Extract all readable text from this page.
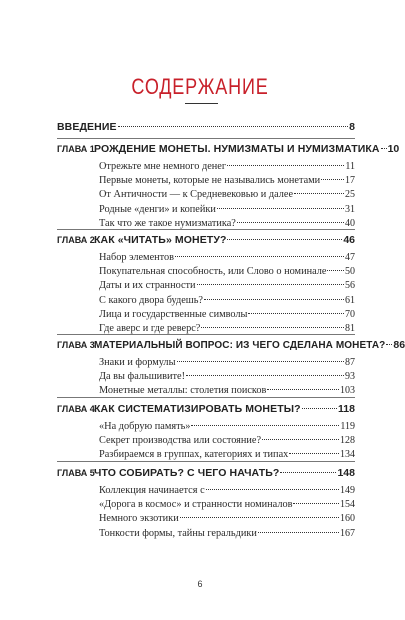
СОДЕРЖАНИЕ
ВВЕДЕНИЕ	8
ГЛАВА 1 РОЖДЕНИЕ МОНЕТЫ. НУМИЗМАТЫ И НУМИЗМАТИКА 10
Отрежьте мне немного денег	11
Первые монеты, которые не назывались монетами 17
От Античности — к Средневековью и далее	25
Родные «денги» и копейки	31
Так что же такое нумизматика?	40
ГЛАВА 2 КАК «ЧИТАТЬ» МОНЕТУ?	46
Набор элементов	47
Покупательная способность, или Слово о номинале 50
Даты и их странности	56
С какого двора будешь?	61
Лица и государственные символы	70
Где аверс и где реверс?	81
ГЛАВА 3 МАТЕРИАЛЬНЫЙ ВОПРОС: ИЗ ЧЕГО СДЕЛАНА МОНЕТА? 86
Знаки и формулы	87
Да вы фальшивите!	93
Монетные металлы: столетия поисков	103
ГЛАВА 4 КАК СИСТЕМАТИЗИРОВАТЬ МОНЕТЫ?	118
«На добрую память»	119
Секрет производства или состояние?	128
Разбираемся в группах, категориях и типах	134
ГЛАВА 5 ЧТО СОБИРАТЬ? С ЧЕГО НАЧАТЬ?	148
Коллекция начинается с	149
«Дорога в космос» и странности номиналов	154
Немного экзотики	160
Тонкости формы, тайны геральдики	167
6
